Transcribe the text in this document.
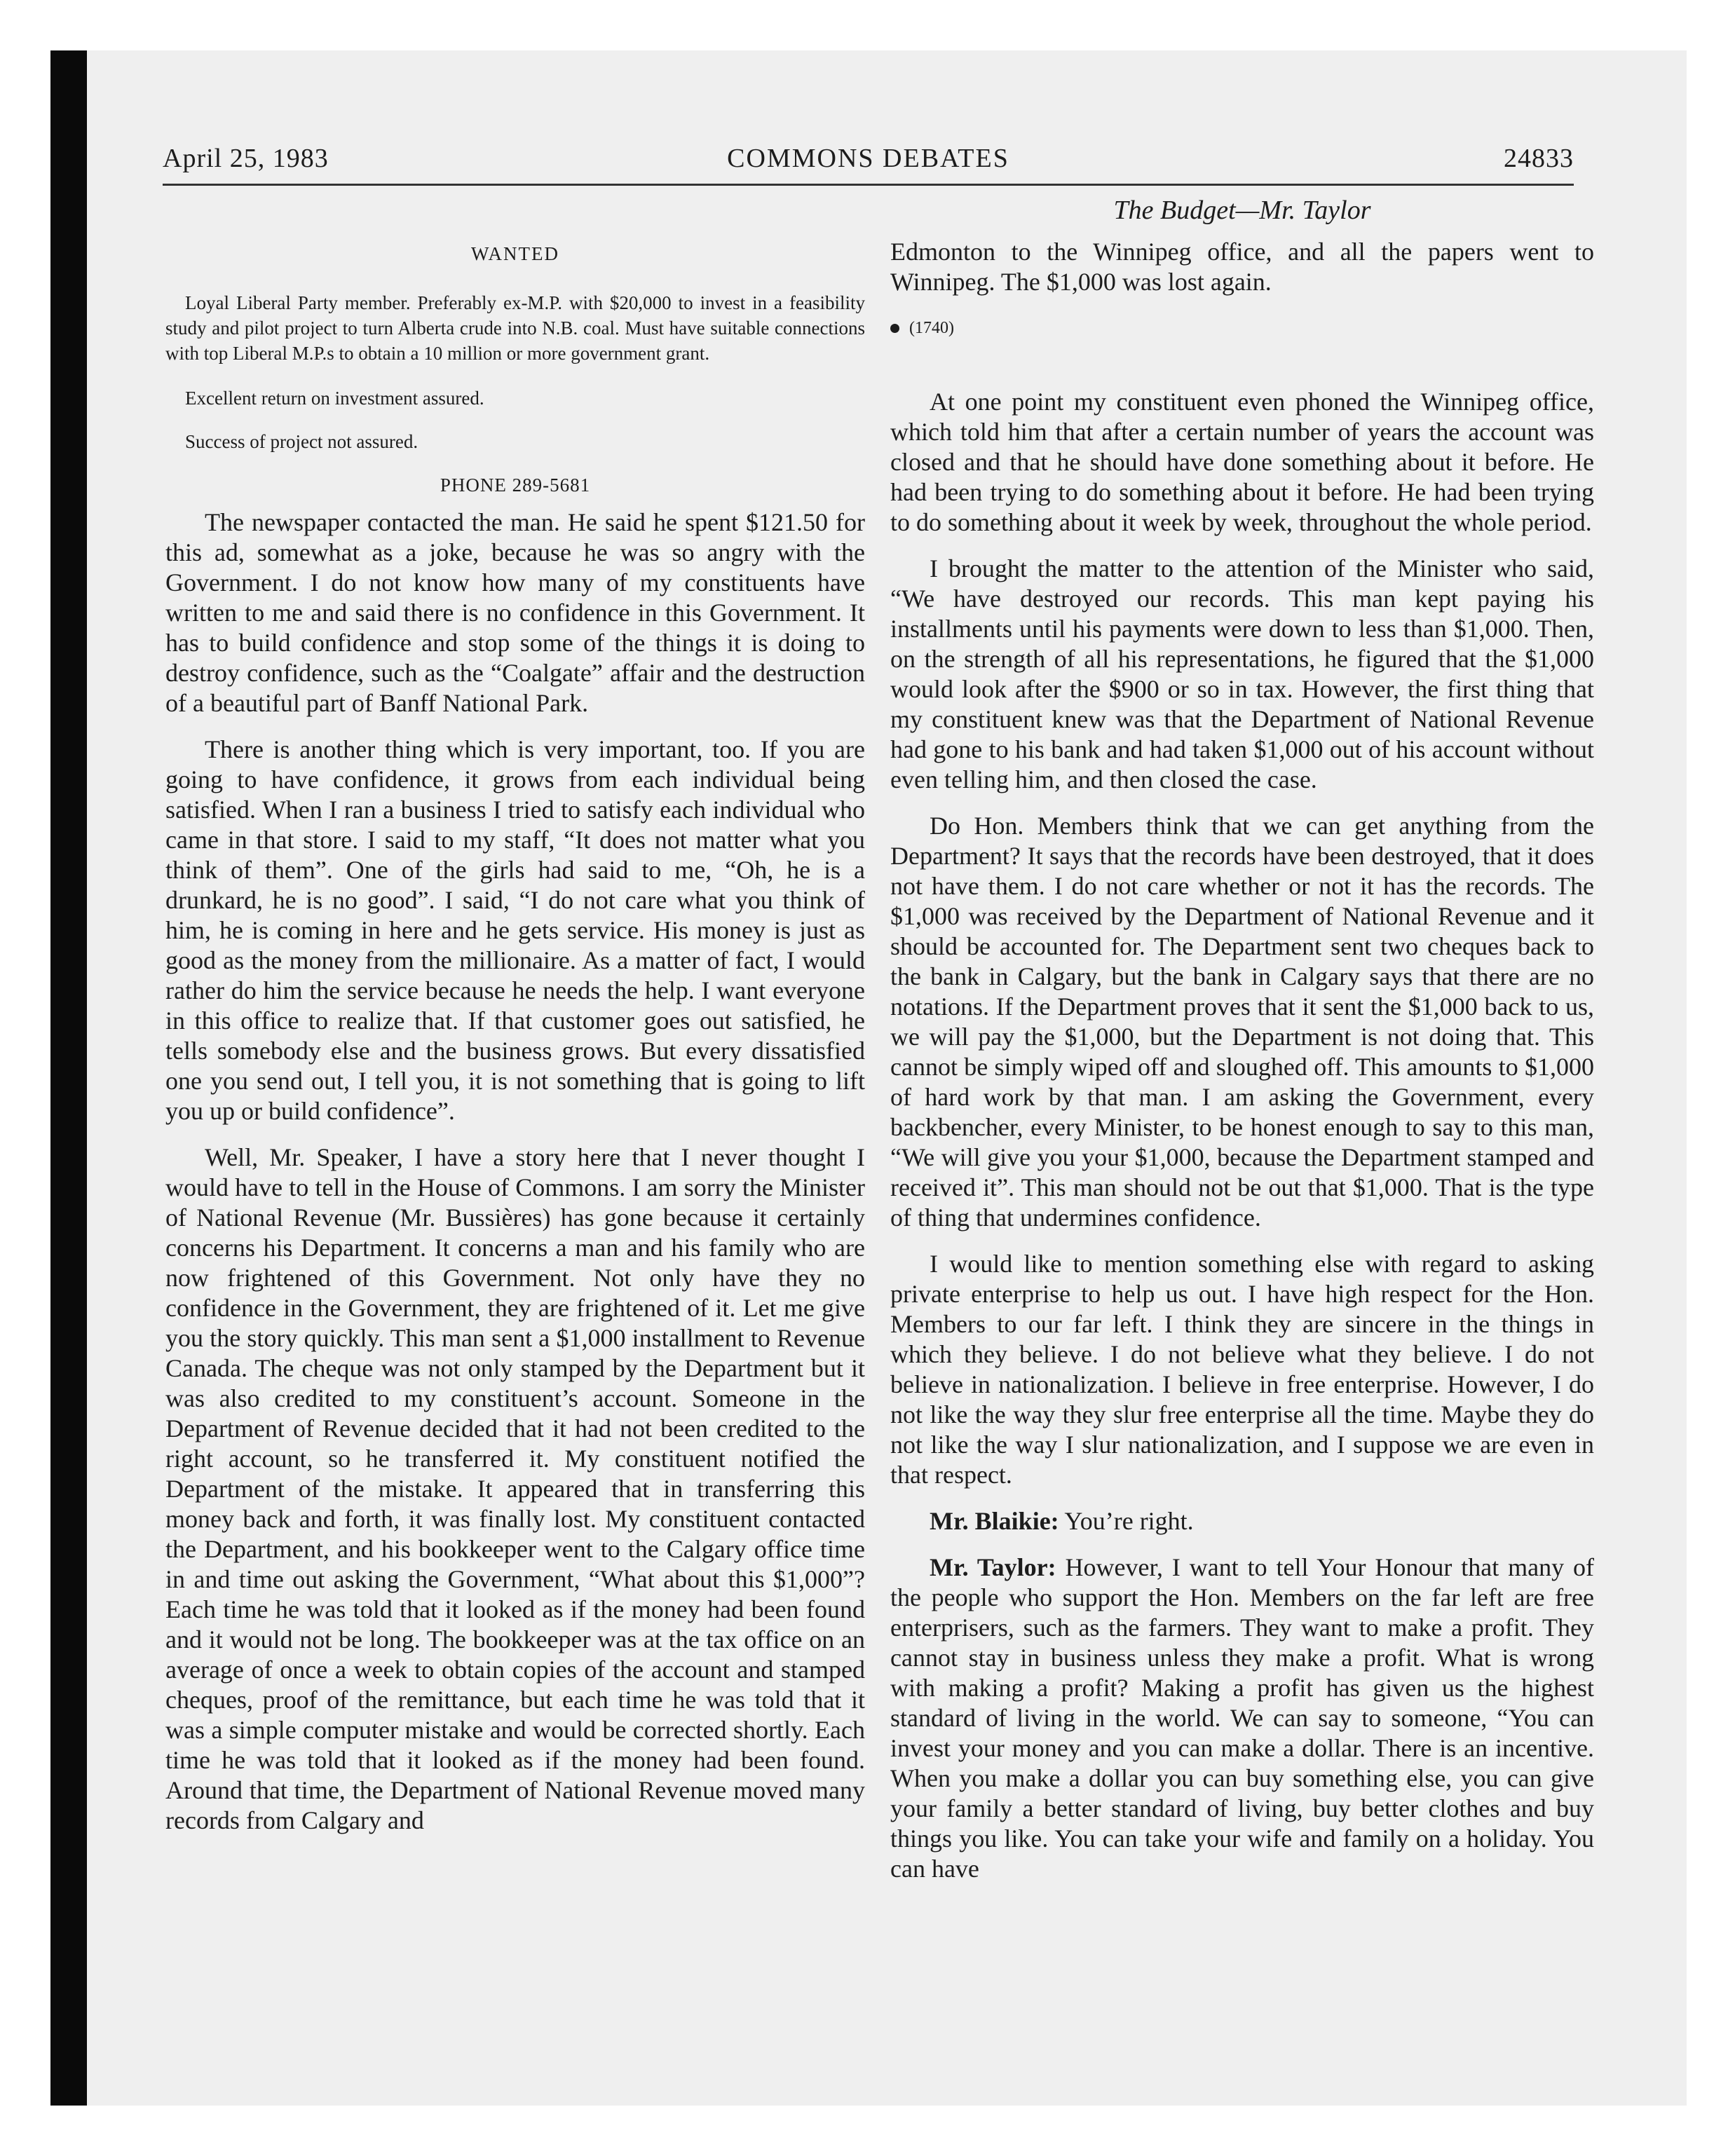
April 25, 1983	COMMONS DEBATES	24833
The Budget—Mr. Taylor
WANTED
Loyal Liberal Party member. Preferably ex-M.P. with $20,000 to invest in a feasibility study and pilot project to turn Alberta crude into N.B. coal. Must have suitable connections with top Liberal M.P.s to obtain a 10 million or more government grant.
Excellent return on investment assured.
Success of project not assured.
PHONE 289-5681

The newspaper contacted the man. He said he spent $121.50 for this ad, somewhat as a joke, because he was so angry with the Government. I do not know how many of my constituents have written to me and said there is no confidence in this Government. It has to build confidence and stop some of the things it is doing to destroy confidence, such as the “Coalgate” affair and the destruction of a beautiful part of Banff National Park.

There is another thing which is very important, too. If you are going to have confidence, it grows from each individual being satisfied. When I ran a business I tried to satisfy each individual who came in that store. I said to my staff, “It does not matter what you think of them”. One of the girls had said to me, “Oh, he is a drunkard, he is no good”. I said, “I do not care what you think of him, he is coming in here and he gets service. His money is just as good as the money from the millionaire. As a matter of fact, I would rather do him the service because he needs the help. I want everyone in this office to realize that. If that customer goes out satisfied, he tells somebody else and the business grows. But every dissatisfied one you send out, I tell you, it is not something that is going to lift you up or build confidence”.

Well, Mr. Speaker, I have a story here that I never thought I would have to tell in the House of Commons. I am sorry the Minister of National Revenue (Mr. Bussières) has gone because it certainly concerns his Department. It concerns a man and his family who are now frightened of this Government. Not only have they no confidence in the Government, they are frightened of it. Let me give you the story quickly. This man sent a $1,000 installment to Revenue Canada. The cheque was not only stamped by the Department but it was also credited to my constituent’s account. Someone in the Department of Revenue decided that it had not been credited to the right account, so he transferred it. My constituent notified the Department of the mistake. It appeared that in transferring this money back and forth, it was finally lost. My constituent contacted the Department, and his bookkeeper went to the Calgary office time in and time out asking the Government, “What about this $1,000”? Each time he was told that it looked as if the money had been found and it would not be long. The bookkeeper was at the tax office on an average of once a week to obtain copies of the account and stamped cheques, proof of the remittance, but each time he was told that it was a simple computer mistake and would be corrected shortly. Each time he was told that it looked as if the money had been found. Around that time, the Department of National Revenue moved many records from Calgary and

Edmonton to the Winnipeg office, and all the papers went to Winnipeg. The $1,000 was lost again.

(1740)

At one point my constituent even phoned the Winnipeg office, which told him that after a certain number of years the account was closed and that he should have done something about it before. He had been trying to do something about it before. He had been trying to do something about it week by week, throughout the whole period.

I brought the matter to the attention of the Minister who said, “We have destroyed our records. This man kept paying his installments until his payments were down to less than $1,000. Then, on the strength of all his representations, he figured that the $1,000 would look after the $900 or so in tax. However, the first thing that my constituent knew was that the Department of National Revenue had gone to his bank and had taken $1,000 out of his account without even telling him, and then closed the case.

Do Hon. Members think that we can get anything from the Department? It says that the records have been destroyed, that it does not have them. I do not care whether or not it has the records. The $1,000 was received by the Department of National Revenue and it should be accounted for. The Department sent two cheques back to the bank in Calgary, but the bank in Calgary says that there are no notations. If the Department proves that it sent the $1,000 back to us, we will pay the $1,000, but the Department is not doing that. This cannot be simply wiped off and sloughed off. This amounts to $1,000 of hard work by that man. I am asking the Government, every backbencher, every Minister, to be honest enough to say to this man, “We will give you your $1,000, because the Department stamped and received it”. This man should not be out that $1,000. That is the type of thing that undermines confidence.

I would like to mention something else with regard to asking private enterprise to help us out. I have high respect for the Hon. Members to our far left. I think they are sincere in the things in which they believe. I do not believe what they believe. I do not believe in nationalization. I believe in free enterprise. However, I do not like the way they slur free enterprise all the time. Maybe they do not like the way I slur nationalization, and I suppose we are even in that respect.

Mr. Blaikie: You’re right.

Mr. Taylor: However, I want to tell Your Honour that many of the people who support the Hon. Members on the far left are free enterprisers, such as the farmers. They want to make a profit. They cannot stay in business unless they make a profit. What is wrong with making a profit? Making a profit has given us the highest standard of living in the world. We can say to someone, “You can invest your money and you can make a dollar. There is an incentive. When you make a dollar you can buy something else, you can give your family a better standard of living, buy better clothes and buy things you like. You can take your wife and family on a holiday. You can have
